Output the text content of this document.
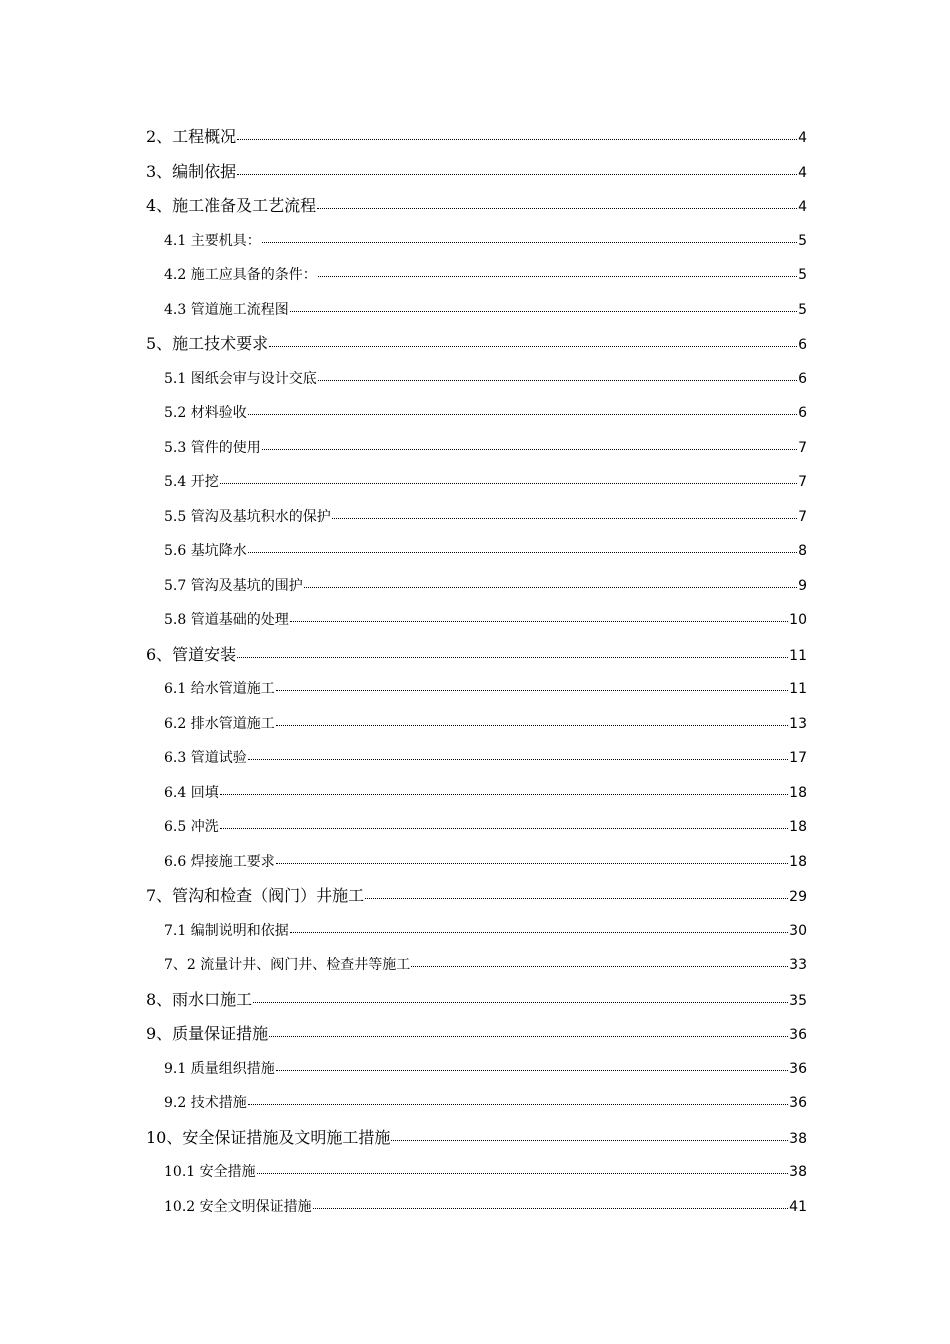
2、工程概况	4
3、编制依据	4
4、施工准备及工艺流程	4
4.1 主要机具：	5
4.2 施工应具备的条件：	5
4.3 管道施工流程图	5
5、施工技术要求	6
5.1 图纸会审与设计交底	6
5.2 材料验收	6
5.3 管件的使用	7
5.4 开挖	7
5.5 管沟及基坑积水的保护	7
5.6 基坑降水	8
5.7 管沟及基坑的围护	9
5.8 管道基础的处理	10
6、管道安装	11
6.1 给水管道施工	11
6.2 排水管道施工	13
6.3 管道试验	17
6.4 回填	18
6.5 冲洗	18
6.6 焊接施工要求	18
7、管沟和检查（阀门）井施工	29
7.1 编制说明和依据	30
7、2 流量计井、阀门井、检查井等施工	33
8、雨水口施工	35
9、质量保证措施	36
9.1 质量组织措施	36
9.2 技术措施	36
10、安全保证措施及文明施工措施	38
10.1 安全措施	38
10.2 安全文明保证措施	41
